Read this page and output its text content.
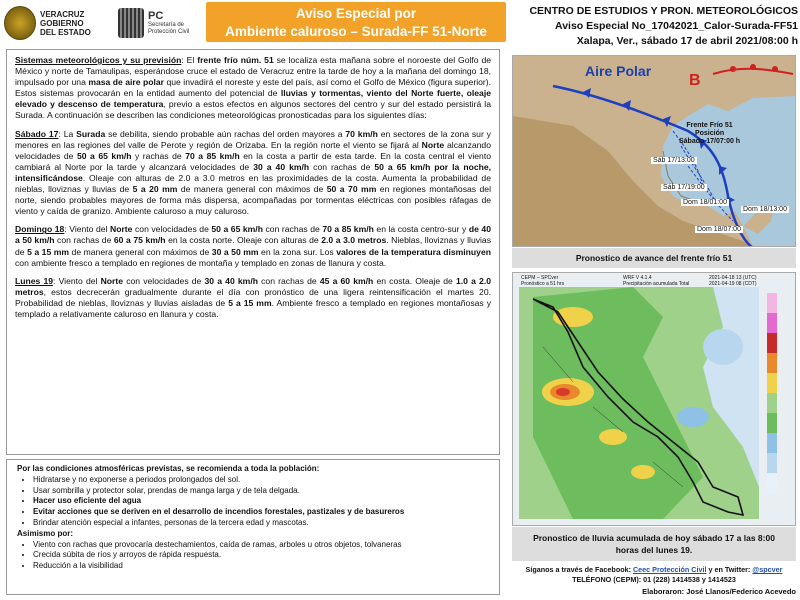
VERACRUZ
GOBIERNO
DEL ESTADO
PC
Secretaría de
Protección Civil
Aviso Especial por
Ambiente caluroso – Surada-FF 51-Norte
CENTRO DE ESTUDIOS Y PRON. METEOROLÓGICOS
Aviso Especial No_17042021_Calor-Surada-FF51
Xalapa, Ver., sábado 17 de abril 2021/08:00 h

Sistemas meteorológicos y su previsión: El frente frío núm. 51 se localiza esta mañana sobre el noroeste del Golfo de México y norte de Tamaulipas, esperándose cruce el estado de Veracruz entre la tarde de hoy a la mañana del domingo 18, impulsado por una masa de aire polar que invadirá el noreste y este del país, así como el Golfo de México (figura superior). Estos sistemas provocarán en la entidad aumento del potencial de lluvias y tormentas, viento del Norte fuerte, oleaje elevado y descenso de temperatura, previo a estos efectos en algunos sectores del centro y sur del estado persistirá la Surada. A continuación se describen las condiciones meteorológicas pronosticadas para los siguientes días:

Sábado 17: La Surada se debilita, siendo probable aún rachas del orden mayores a 70 km/h en sectores de la zona sur y menores en las regiones del valle de Perote y región de Orizaba. En la región norte el viento se fijará al Norte alcanzando velocidades de 50 a 65 km/h y rachas de 70 a 85 km/h en la costa a partir de esta tarde. En la costa central el viento cambiará al Norte por la tarde y alcanzará velocidades de 30 a 40 km/h con rachas de 50 a 65 km/h por la noche, intensificándose. Oleaje con alturas de 2.0 a 3.0 metros en las proximidades de la costa. Aumenta la probabilidad de nieblas, lloviznas y lluvias de 5 a 20 mm de manera general con máximos de 50 a 70 mm en regiones montañosas del norte, siendo probables mayores de forma más dispersa, acompañadas por tormentas eléctricas con posibles ráfagas de viento y caída de granizo. Ambiente caluroso a muy caluroso.

Domingo 18: Viento del Norte con velocidades de 50 a 65 km/h con rachas de 70 a 85 km/h en la costa centro-sur y de 40 a 50 km/h con rachas de 60 a 75 km/h en la costa norte. Oleaje con alturas de 2.0 a 3.0 metros. Nieblas, lloviznas y lluvias de 5 a 15 mm de manera general con máximos de 30 a 50 mm en la zona sur. Los valores de la temperatura disminuyen con ambiente fresco a templado en regiones de montaña y templado en zonas de llanura y costa.

Lunes 19: Viento del Norte con velocidades de 30 a 40 km/h con rachas de 45 a 60 km/h en costa. Oleaje de 1.0 a 2.0 metros, estos decrecerán gradualmente durante el día con pronóstico de una ligera reintensificación el martes 20. Probabilidad de nieblas, lloviznas y lluvias aisladas de 5 a 15 mm. Ambiente fresco a templado en regiones montañosas y templado a relativamente caluroso en llanura y costa.

Por las condiciones atmosféricas previstas, se recomienda a toda la población:
• Hidratarse y no exponerse a periodos prolongados del sol.
• Usar sombrilla y protector solar, prendas de manga larga y de tela delgada.
• Hacer uso eficiente del agua
• Evitar acciones que se deriven en el desarrollo de incendios forestales, pastizales y de basureros
• Brindar atención especial a infantes, personas de la tercera edad y mascotas.
Asimismo por:
• Viento con rachas que provocaría destechamientos, caída de ramas, arboles u otros objetos, tolvaneras
• Crecida súbita de ríos y arroyos de rápida respuesta.
• Reducción a la visibilidad
Aire Polar
B
Frente Frío 51
Posición
Sábado 17/07:00 h
Sáb 17/13:00
Sáb 17/19:00
Dom 18/01:00
Dom 18/13:00
Dom 18/07:00
Pronostico de avance del frente frío 51
CEPM – SPCver
Pronóstico a 51 hrs
WRF V 4.1.4
Precipitación acumulada Total
2021-04-18 13 (UTC)
2021-04-19 08 (CDT)
Pronostico de lluvia acumulada de hoy sábado 17 a las 8:00
horas del lunes 19.
Síganos a través de Facebook: Ceec Protección Civil y en Twitter: @spcver
TELÉFONO (CEPM): 01 (228) 1414538 y 1414523
Elaboraron: José Llanos/Federico Acevedo
